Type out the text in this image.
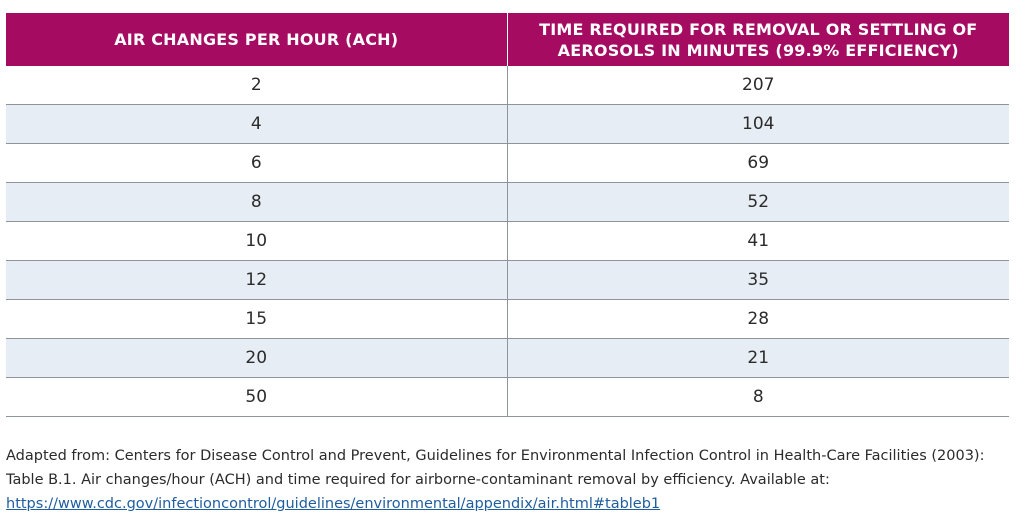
AIR CHANGES PER HOUR (ACH)	TIME REQUIRED FOR REMOVAL OR SETTLING OF AEROSOLS IN MINUTES (99.9% EFFICIENCY)
2	207
4	104
6	69
8	52
10	41
12	35
15	28
20	21
50	8
Adapted from: Centers for Disease Control and Prevent, Guidelines for Environmental Infection Control in Health-Care Facilities (2003): Table B.1. Air changes/hour (ACH) and time required for airborne-contaminant removal by efficiency. Available at:
https://www.cdc.gov/infectioncontrol/guidelines/environmental/appendix/air.html#tableb1
